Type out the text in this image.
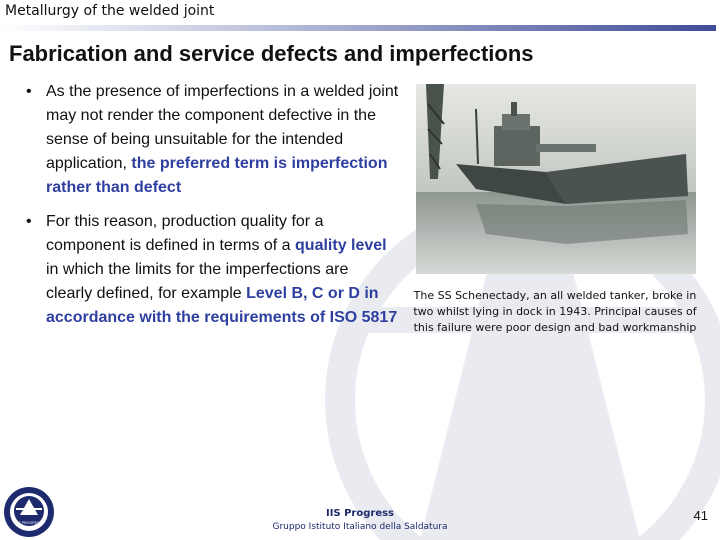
Metallurgy of the welded joint
Fabrication and service defects and imperfections
• As the presence of imperfections in a welded joint may not render the component defective in the sense of being unsuitable for the intended application, the preferred term is imperfection rather than defect
• For this reason, production quality for a component is defined in terms of a quality level in which the limits for the imperfections are clearly defined, for example Level B, C or D in accordance with the requirements of ISO 5817
The SS Schenectady, an all welded tanker, broke in two whilst lying in dock in 1943. Principal causes of this failure were poor design and bad workmanship
IIS PROGRESS
IIS Progress
Gruppo Istituto Italiano della Saldatura
41
